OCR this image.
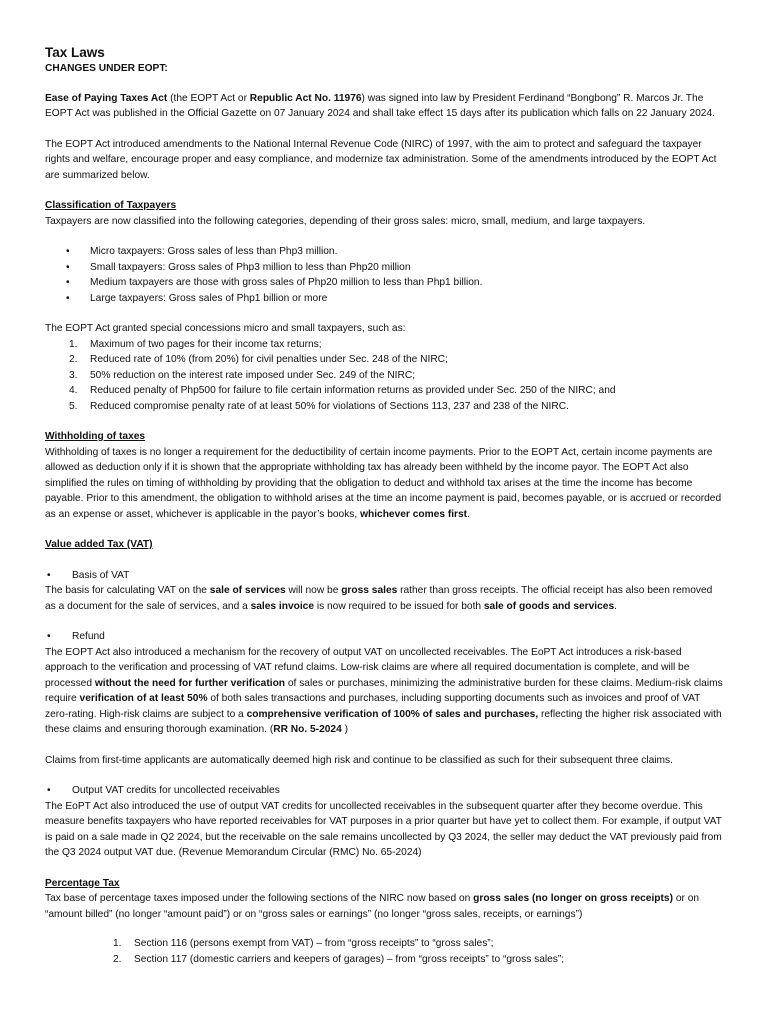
Tax Laws

CHANGES UNDER EOPT:

Ease of Paying Taxes Act (the EOPT Act or Republic Act No. 11976) was signed into law by President Ferdinand “Bongbong” R. Marcos Jr. The EOPT Act was published in the Official Gazette on 07 January 2024 and shall take effect 15 days after its publication which falls on 22 January 2024.

The EOPT Act introduced amendments to the National Internal Revenue Code (NIRC) of 1997, with the aim to protect and safeguard the taxpayer rights and welfare, encourage proper and easy compliance, and modernize tax administration. Some of the amendments introduced by the EOPT Act are summarized below.

Classification of Taxpayers

Taxpayers are now classified into the following categories, depending of their gross sales: micro, small, medium, and large taxpayers.

• Micro taxpayers: Gross sales of less than Php3 million.
• Small taxpayers: Gross sales of Php3 million to less than Php20 million
• Medium taxpayers are those with gross sales of Php20 million to less than Php1 billion.
• Large taxpayers: Gross sales of Php1 billion or more

The EOPT Act granted special concessions micro and small taxpayers, such as:

1. Maximum of two pages for their income tax returns;
2. Reduced rate of 10% (from 20%) for civil penalties under Sec. 248 of the NIRC;
3. 50% reduction on the interest rate imposed under Sec. 249 of the NIRC;
4. Reduced penalty of Php500 for failure to file certain information returns as provided under Sec. 250 of the NIRC; and
5. Reduced compromise penalty rate of at least 50% for violations of Sections 113, 237 and 238 of the NIRC.

Withholding of taxes

Withholding of taxes is no longer a requirement for the deductibility of certain income payments. Prior to the EOPT Act, certain income payments are allowed as deduction only if it is shown that the appropriate withholding tax has already been withheld by the income payor. The EOPT Act also simplified the rules on timing of withholding by providing that the obligation to deduct and withhold tax arises at the time the income has become payable. Prior to this amendment, the obligation to withhold arises at the time an income payment is paid, becomes payable, or is accrued or recorded as an expense or asset, whichever is applicable in the payor’s books, whichever comes first.

Value added Tax (VAT)

• Basis of VAT

The basis for calculating VAT on the sale of services will now be gross sales rather than gross receipts. The official receipt has also been removed as a document for the sale of services, and a sales invoice is now required to be issued for both sale of goods and services.

• Refund

The EOPT Act also introduced a mechanism for the recovery of output VAT on uncollected receivables. The EoPT Act introduces a risk-based approach to the verification and processing of VAT refund claims. Low-risk claims are where all required documentation is complete, and will be processed without the need for further verification of sales or purchases, minimizing the administrative burden for these claims. Medium-risk claims require verification of at least 50% of both sales transactions and purchases, including supporting documents such as invoices and proof of VAT zero-rating. High-risk claims are subject to a comprehensive verification of 100% of sales and purchases, reflecting the higher risk associated with these claims and ensuring thorough examination. (RR No. 5-2024 )

Claims from first-time applicants are automatically deemed high risk and continue to be classified as such for their subsequent three claims.

• Output VAT credits for uncollected receivables

The EoPT Act also introduced the use of output VAT credits for uncollected receivables in the subsequent quarter after they become overdue. This measure benefits taxpayers who have reported receivables for VAT purposes in a prior quarter but have yet to collect them. For example, if output VAT is paid on a sale made in Q2 2024, but the receivable on the sale remains uncollected by Q3 2024, the seller may deduct the VAT previously paid from the Q3 2024 output VAT due. (Revenue Memorandum Circular (RMC) No. 65-2024)

Percentage Tax

Tax base of percentage taxes imposed under the following sections of the NIRC now based on gross sales (no longer on gross receipts) or on “amount billed” (no longer “amount paid”) or on “gross sales or earnings” (no longer “gross sales, receipts, or earnings”)

1. Section 116 (persons exempt from VAT) – from “gross receipts” to “gross sales”;
2. Section 117 (domestic carriers and keepers of garages) – from “gross receipts” to “gross sales”;
